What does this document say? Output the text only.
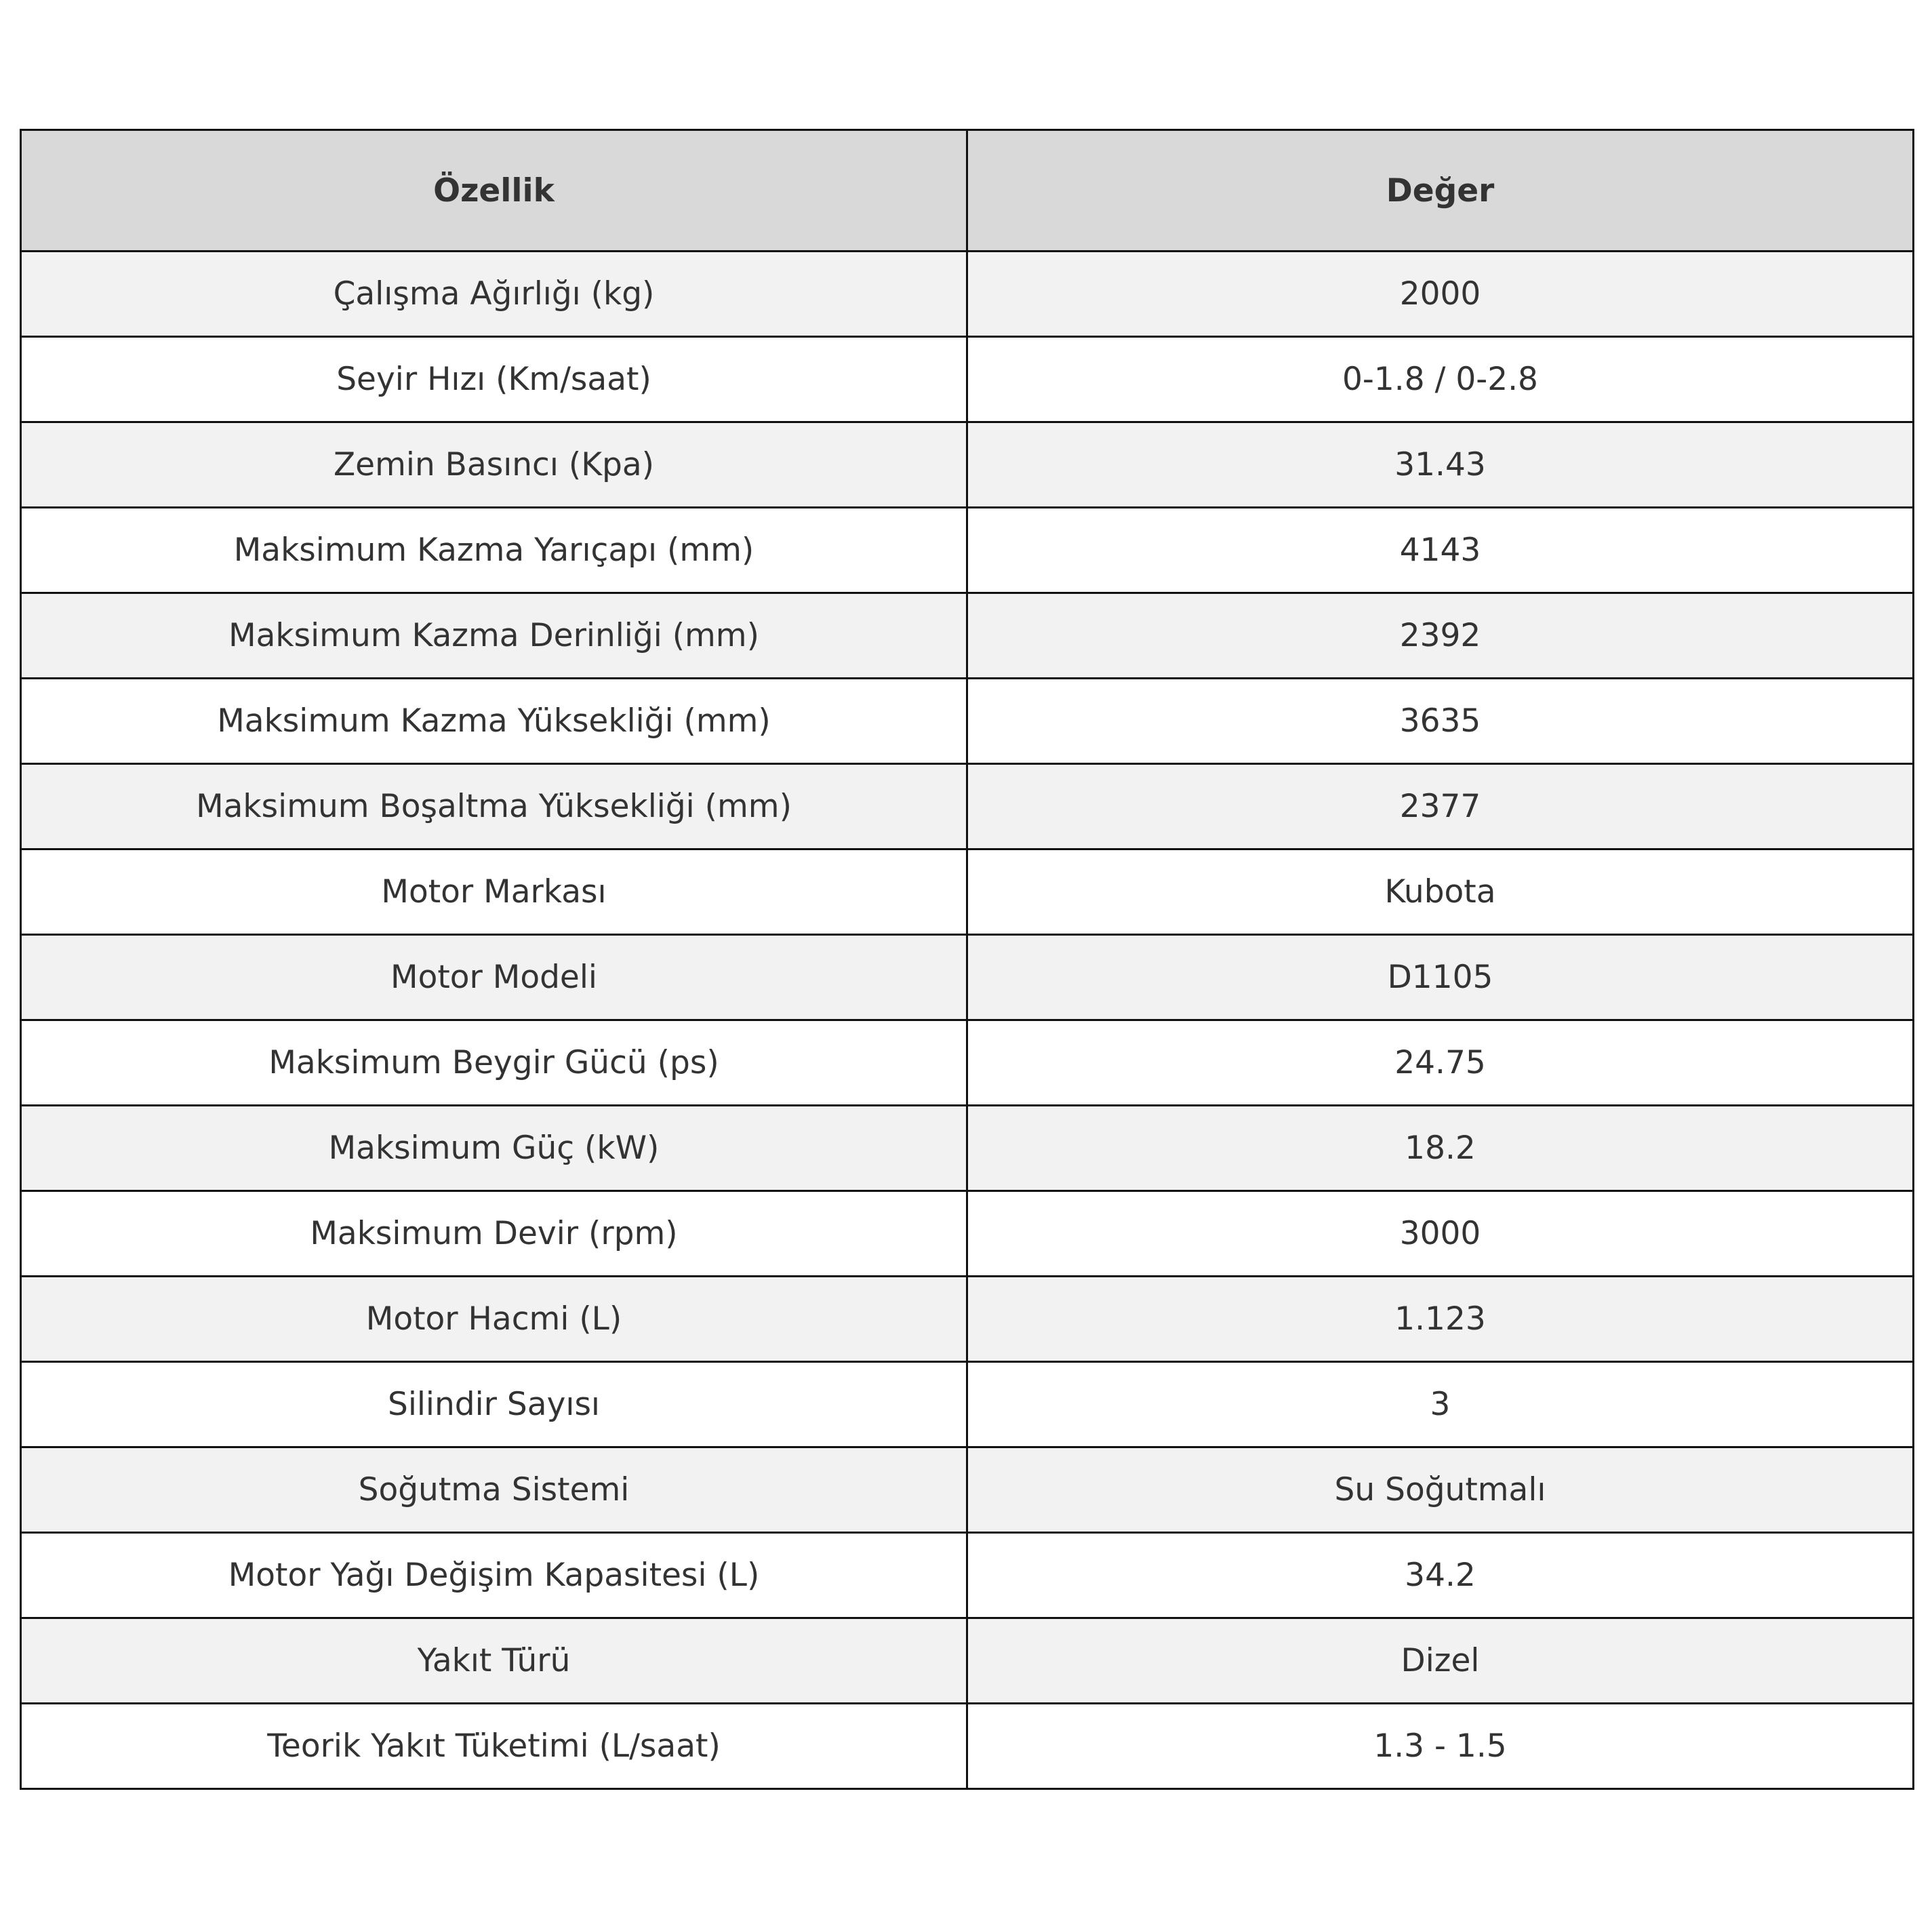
Özellik	Değer
Çalışma Ağırlığı (kg)	2000
Seyir Hızı (Km/saat)	0-1.8 / 0-2.8
Zemin Basıncı (Kpa)	31.43
Maksimum Kazma Yarıçapı (mm)	4143
Maksimum Kazma Derinliği (mm)	2392
Maksimum Kazma Yüksekliği (mm)	3635
Maksimum Boşaltma Yüksekliği (mm)	2377
Motor Markası	Kubota
Motor Modeli	D1105
Maksimum Beygir Gücü (ps)	24.75
Maksimum Güç (kW)	18.2
Maksimum Devir (rpm)	3000
Motor Hacmi (L)	1.123
Silindir Sayısı	3
Soğutma Sistemi	Su Soğutmalı
Motor Yağı Değişim Kapasitesi (L)	34.2
Yakıt Türü	Dizel
Teorik Yakıt Tüketimi (L/saat)	1.3 - 1.5
